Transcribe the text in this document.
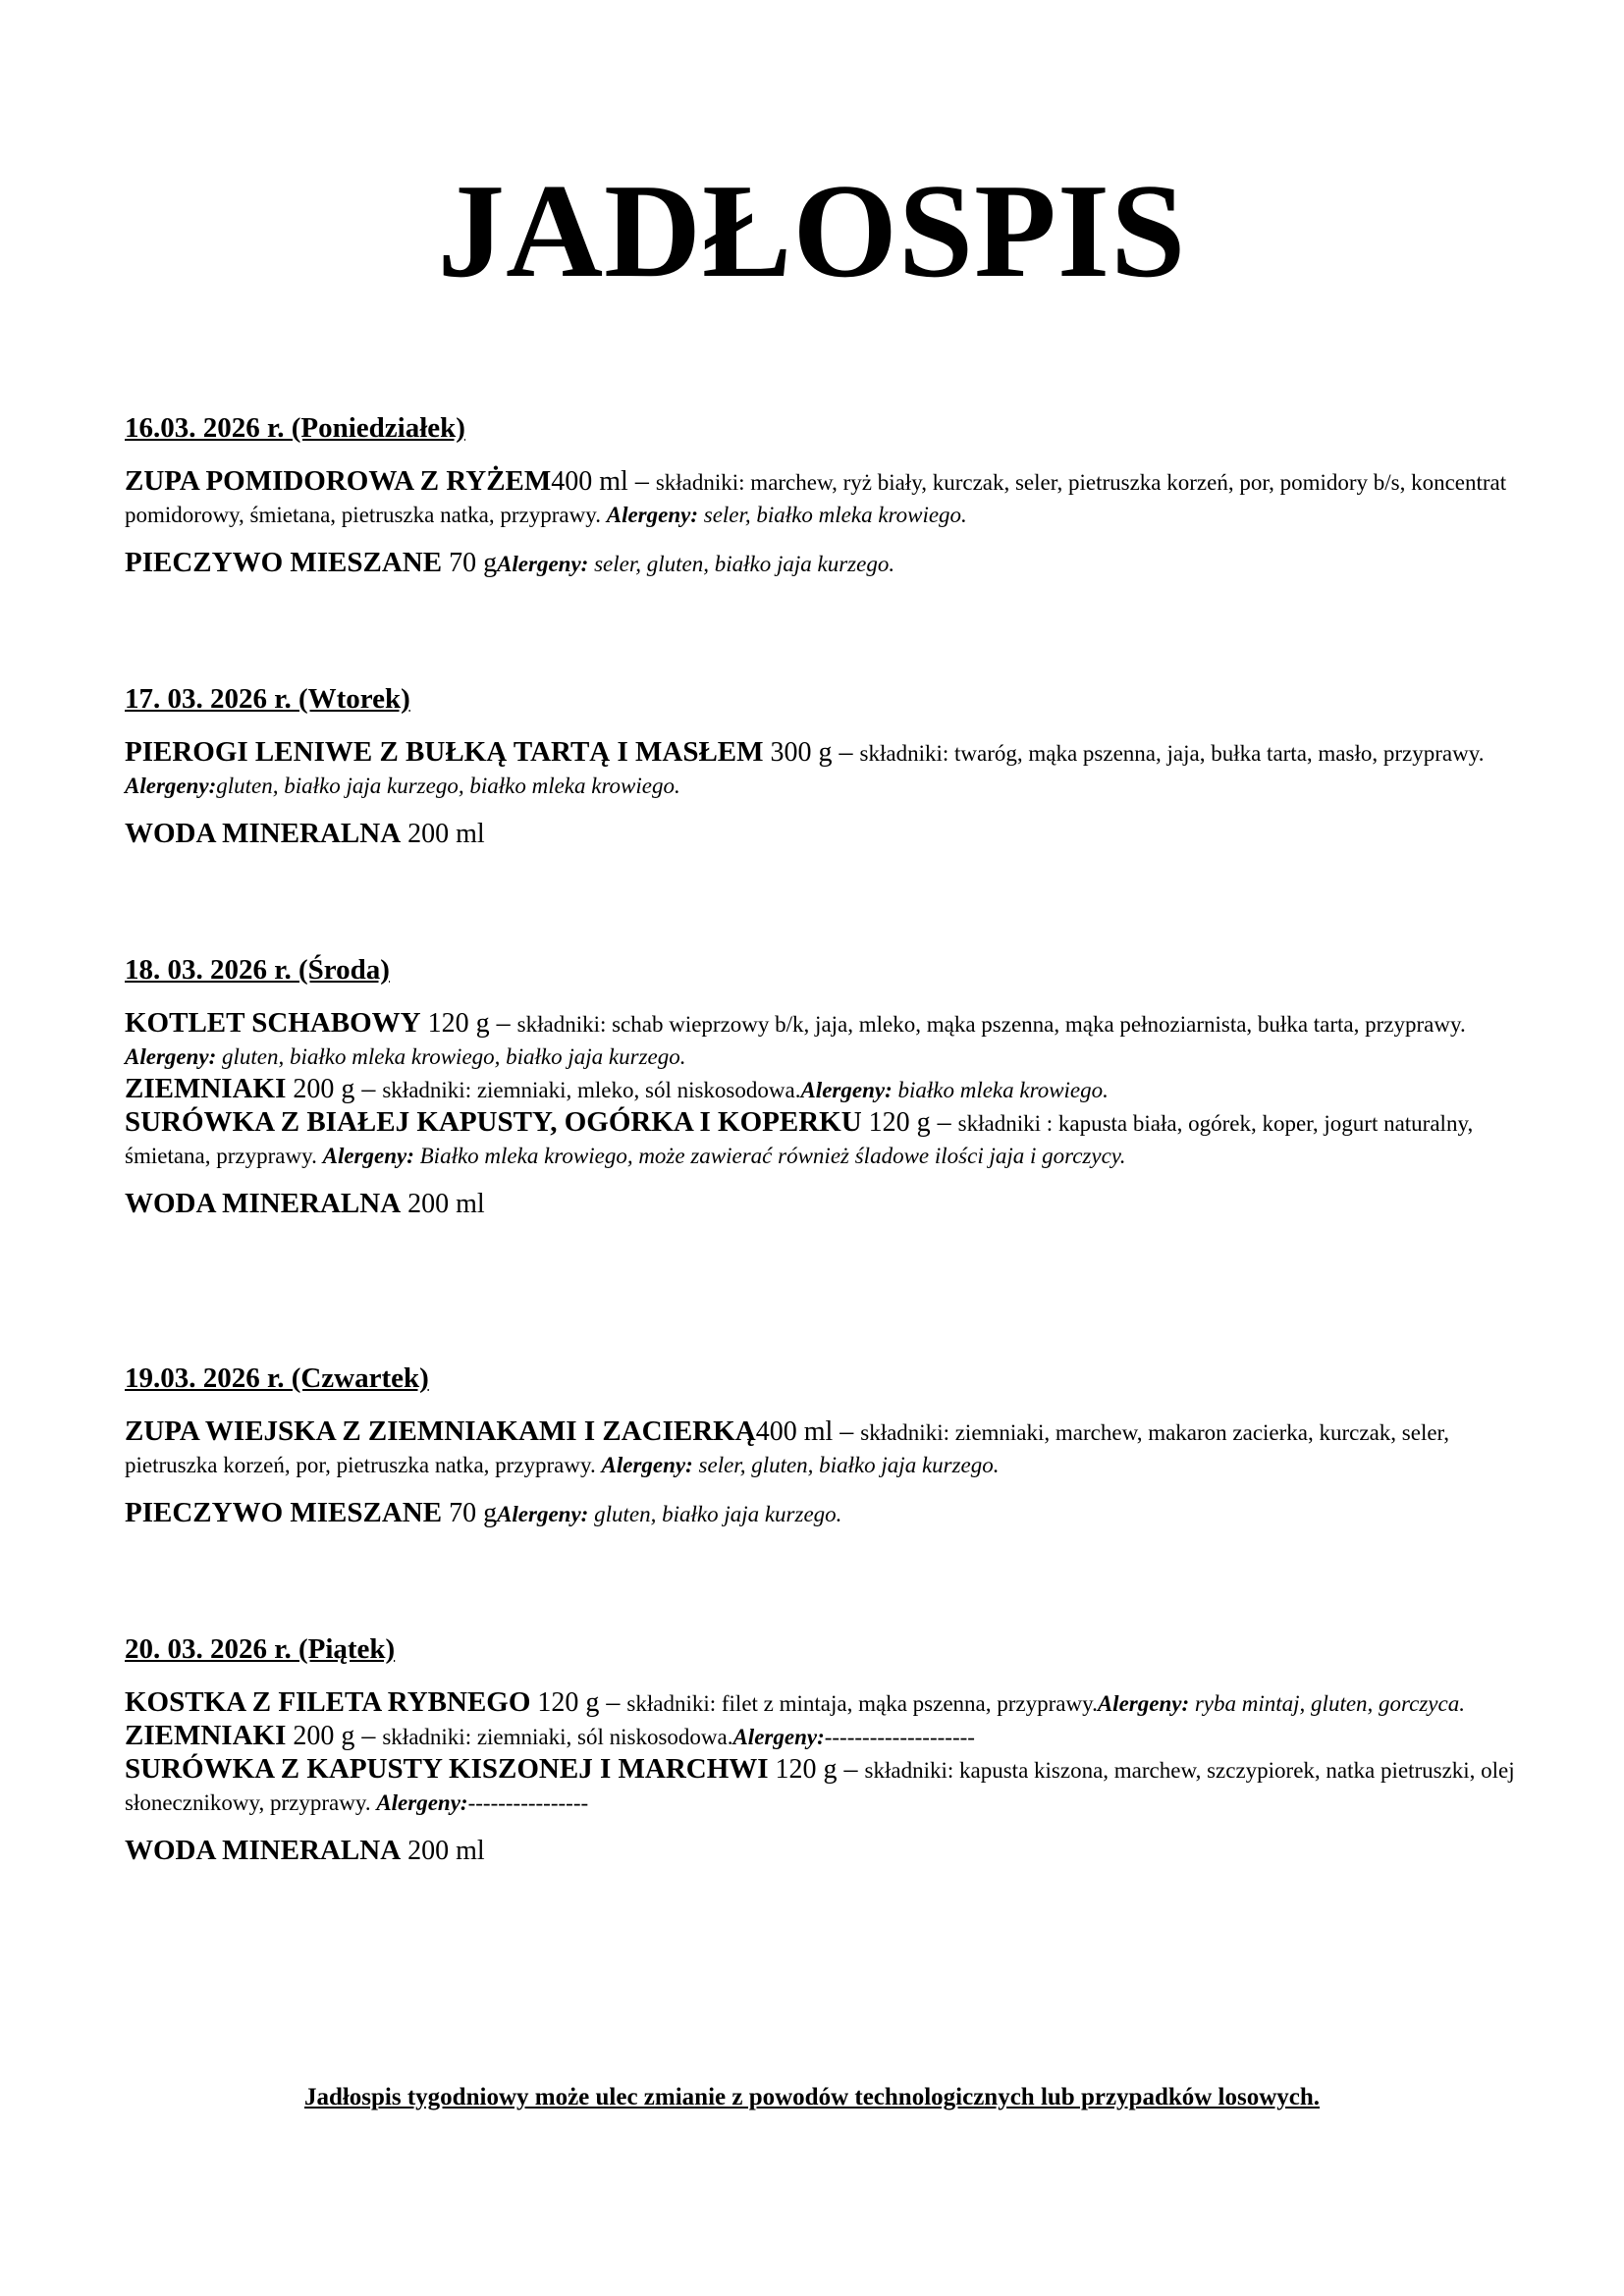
JADŁOSPIS
16.03. 2026 r. (Poniedziałek)
ZUPA POMIDOROWA Z RYŻEM400 ml – składniki: marchew, ryż biały, kurczak, seler, pietruszka korzeń, por, pomidory b/s, koncentrat pomidorowy, śmietana, pietruszka natka, przyprawy. Alergeny: seler, białko mleka krowiego.
PIECZYWO MIESZANE 70 gAlergeny: seler, gluten, białko jaja kurzego.
17. 03. 2026 r. (Wtorek)
PIEROGI LENIWE Z BUŁKĄ TARTĄ I MASŁEM 300 g – składniki: twaróg, mąka pszenna, jaja, bułka tarta, masło, przyprawy. Alergeny:gluten, białko jaja kurzego, białko mleka krowiego.
WODA MINERALNA 200 ml
18. 03. 2026 r. (Środa)
KOTLET SCHABOWY 120 g – składniki: schab wieprzowy b/k, jaja, mleko, mąka pszenna, mąka pełnoziarnista, bułka tarta, przyprawy. Alergeny: gluten, białko mleka krowiego, białko jaja kurzego.
ZIEMNIAKI 200 g – składniki: ziemniaki, mleko, sól niskosodowa.Alergeny: białko mleka krowiego.
SURÓWKA Z BIAŁEJ KAPUSTY, OGÓRKA I KOPERKU 120 g – składniki : kapusta biała, ogórek, koper, jogurt naturalny, śmietana, przyprawy. Alergeny: Białko mleka krowiego, może zawierać również śladowe ilości jaja i gorczycy.
WODA MINERALNA 200 ml
19.03. 2026 r. (Czwartek)
ZUPA WIEJSKA Z ZIEMNIAKAMI I ZACIERKĄ400 ml – składniki: ziemniaki, marchew, makaron zacierka, kurczak, seler, pietruszka korzeń, por, pietruszka natka, przyprawy. Alergeny: seler, gluten, białko jaja kurzego.
PIECZYWO MIESZANE 70 gAlergeny: gluten, białko jaja kurzego.
20. 03. 2026 r. (Piątek)
KOSTKA Z FILETA RYBNEGO 120 g – składniki: filet z mintaja, mąka pszenna, przyprawy.Alergeny: ryba mintaj, gluten, gorczyca.
ZIEMNIAKI 200 g – składniki: ziemniaki, sól niskosodowa.Alergeny:--------------------
SURÓWKA Z KAPUSTY KISZONEJ I MARCHWI 120 g – składniki: kapusta kiszona, marchew, szczypiorek, natka pietruszki, olej słonecznikowy, przyprawy. Alergeny:----------------
WODA MINERALNA 200 ml
Jadłospis tygodniowy może ulec zmianie z powodów technologicznych lub przypadków losowych.
